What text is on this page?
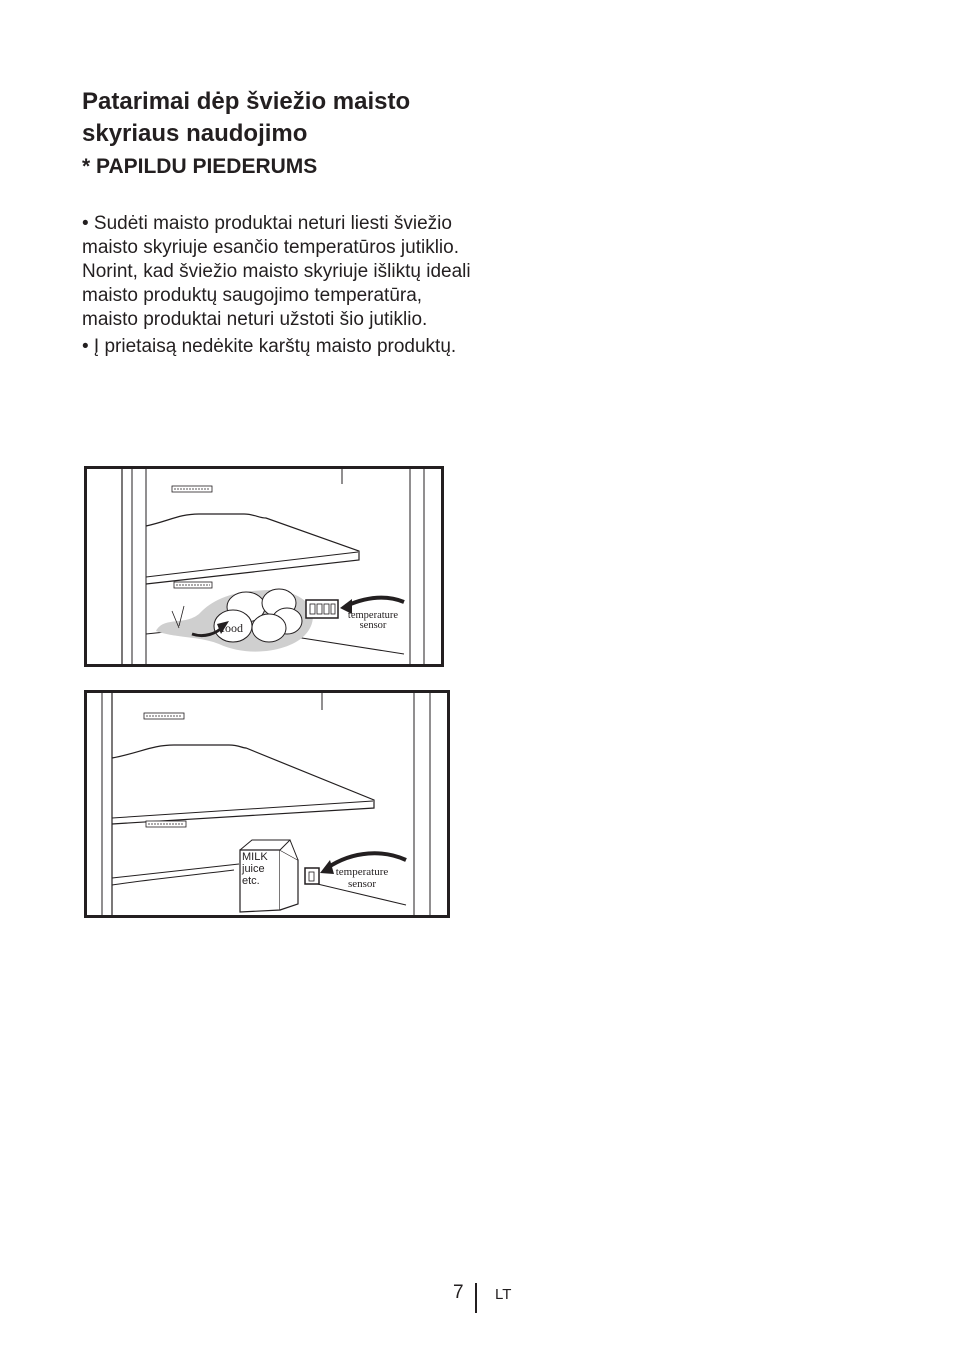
Patarimai dėp šviežio maisto skyriaus naudojimo
* PAPILDU PIEDERUMS

• Sudėti maisto produktai neturi liesti šviežio maisto skyriuje esančio temperatūros jutiklio. Norint, kad šviežio maisto skyriuje išliktų ideali maisto produktų saugojimo temperatūra, maisto produktai neturi užstoti šio jutiklio.

• Į prietaisą nedėkite karštų maisto produktų.

food
temperature
sensor
MILK
juice
etc.
temperature
sensor
7 LT
